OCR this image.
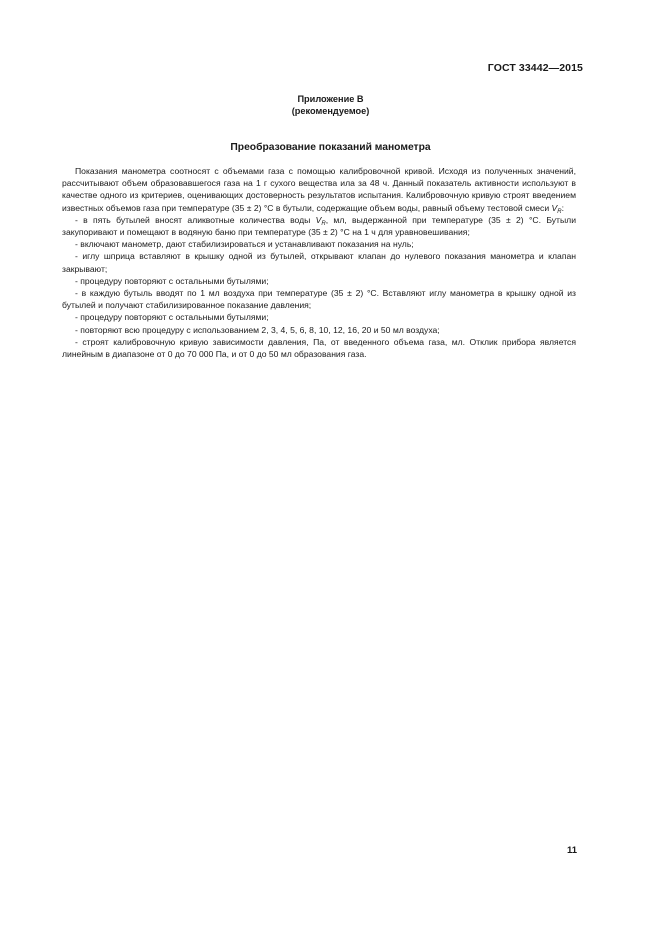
ГОСТ 33442—2015
Приложение В
(рекомендуемое)
Преобразование показаний манометра

Показания манометра соотносят с объемами газа с помощью калибровочной кривой. Исходя из полученных значений, рассчитывают объем образовавшегося газа на 1 г сухого вещества ила за 48 ч. Данный показатель активности используют в качестве одного из критериев, оценивающих достоверность результатов испытания. Калибровочную кривую строят введением известных объемов газа при температуре (35 ± 2) °С в бутыли, содержащие объем воды, равный объему тестовой смеси $V_R$:

- в пять бутылей вносят аликвотные количества воды $V_R$, мл, выдержанной при температуре (35 ± 2) °С. Бутыли закупоривают и помещают в водяную баню при температуре (35 ± 2) °С на 1 ч для уравновешивания;

- включают манометр, дают стабилизироваться и устанавливают показания на нуль;

- иглу шприца вставляют в крышку одной из бутылей, открывают клапан до нулевого показания манометра и клапан закрывают;

- процедуру повторяют с остальными бутылями;

- в каждую бутыль вводят по 1 мл воздуха при температуре (35 ± 2) °С. Вставляют иглу манометра в крышку одной из бутылей и получают стабилизированное показание давления;

- процедуру повторяют с остальными бутылями;

- повторяют всю процедуру с использованием 2, 3, 4, 5, 6, 8, 10, 12, 16, 20 и 50 мл воздуха;

- строят калибровочную кривую зависимости давления, Па, от введенного объема газа, мл. Отклик прибора является линейным в диапазоне от 0 до 70 000 Па, и от 0 до 50 мл образования газа.

11
